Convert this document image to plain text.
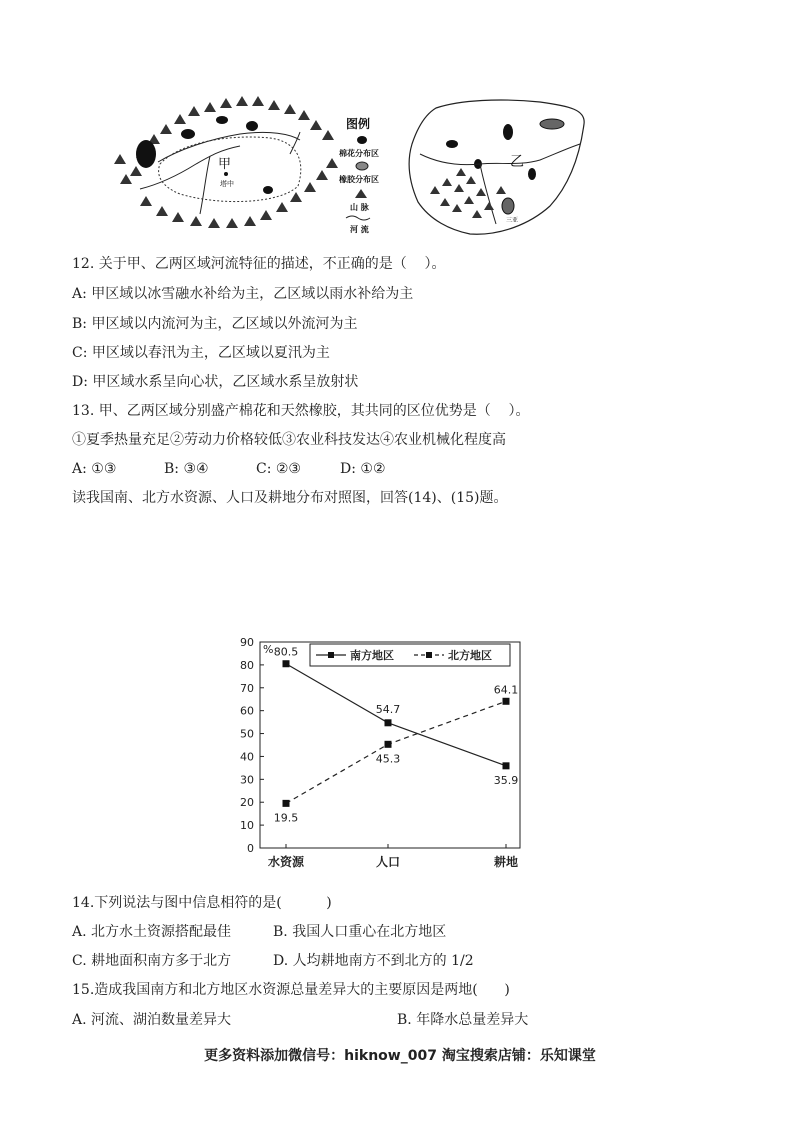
甲
塔中
图例
棉花分布区
橡胶分布区
山 脉
河 流
乙
三亚
12. 关于甲、乙两区域河流特征的描述，不正确的是（    ）。
A: 甲区域以冰雪融水补给为主，乙区域以雨水补给为主
B: 甲区域以内流河为主，乙区域以外流河为主
C: 甲区域以春汛为主，乙区域以夏汛为主
D: 甲区域水系呈向心状，乙区域水系呈放射状
13. 甲、乙两区域分别盛产棉花和天然橡胶，其共同的区位优势是（    ）。
①夏季热量充足②劳动力价格较低③农业科技发达④农业机械化程度高
A: ①③	B: ③④	C: ②③	D: ①②
读我国南、北方水资源、人口及耕地分布对照图，回答(14)、(15)题。
0
10
20
30
40
50
60
70
80
90
%
水资源	人口	耕地
80.5
54.7
35.9
19.5
45.3
64.1
南方地区	北方地区
14.下列说法与图中信息相符的是(          )
A. 北方水土资源搭配最佳	B. 我国人口重心在北方地区
C. 耕地面积南方多于北方	D. 人均耕地南方不到北方的 1/2
15.造成我国南方和北方地区水资源总量差异大的主要原因是两地(      )
A. 河流、湖泊数量差异大	B. 年降水总量差异大
更多资料添加微信号：hiknow_007 淘宝搜索店铺：乐知课堂
